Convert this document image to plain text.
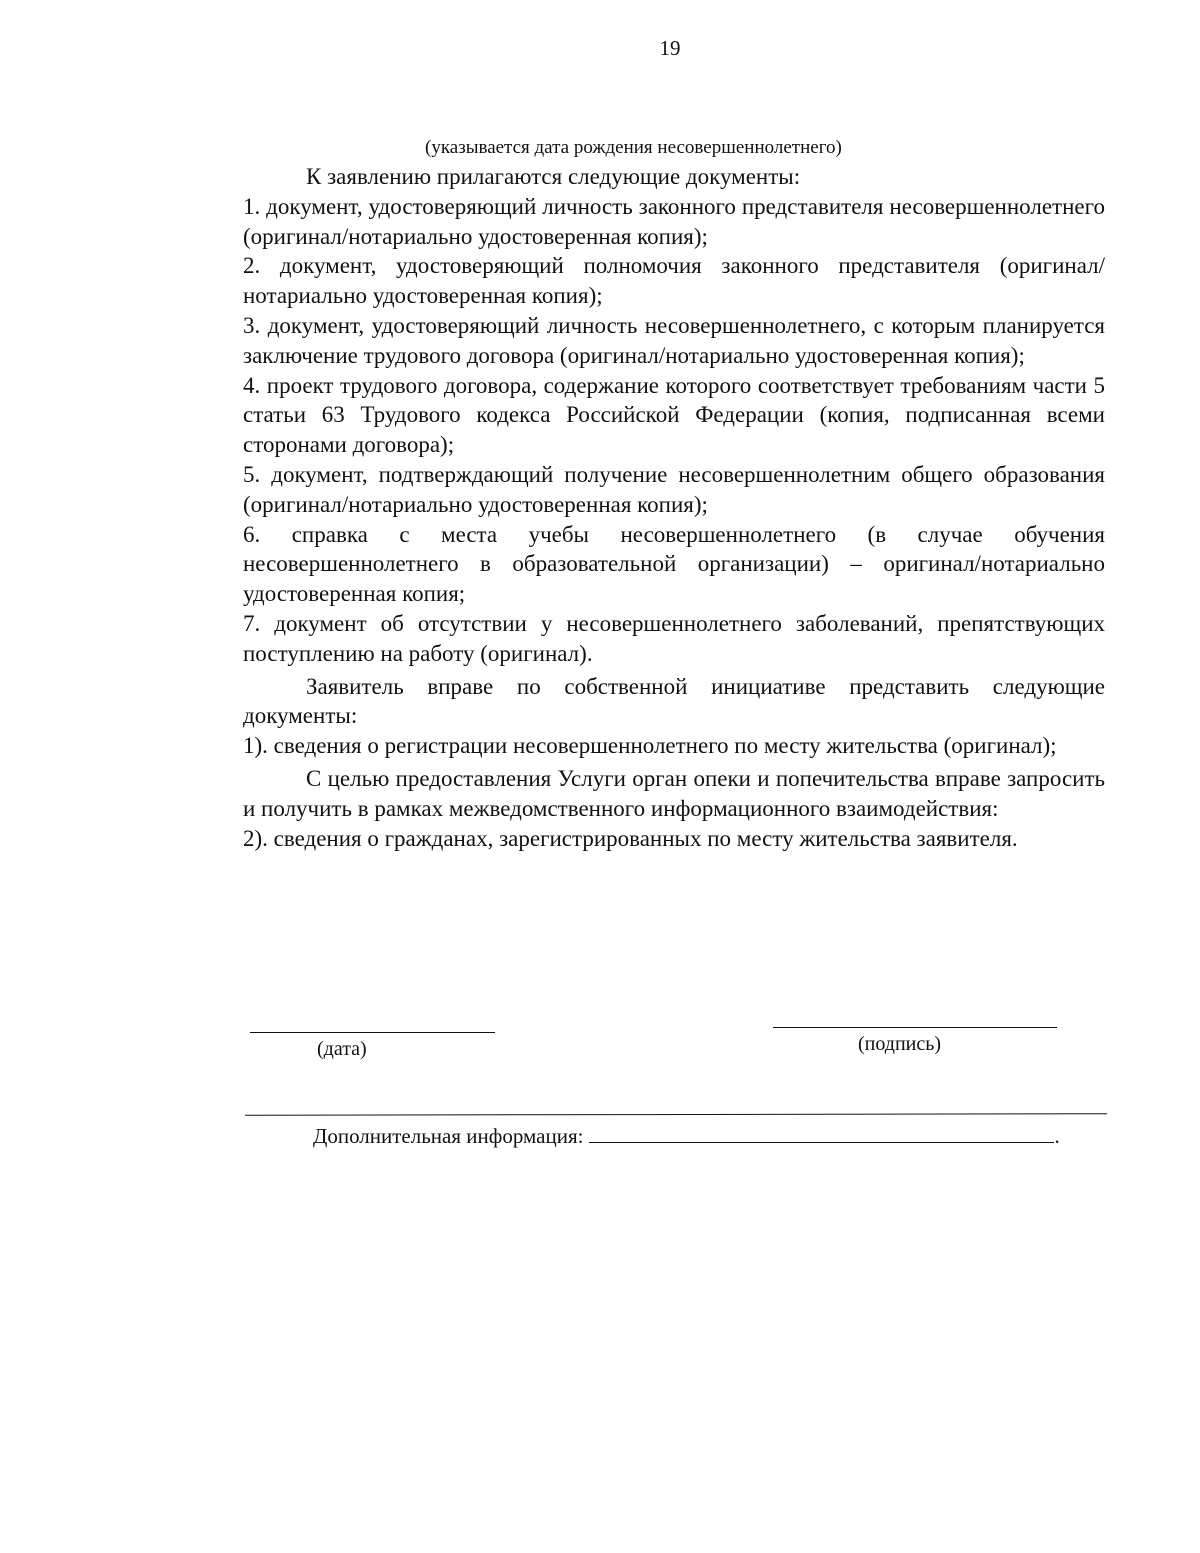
19
(указывается дата рождения несовершеннолетнего)

К заявлению прилагаются следующие документы:

1. документ, удостоверяющий личность законного представителя несовершеннолетнего (оригинал/нотариально удостоверенная копия);

2. документ, удостоверяющий полномочия законного представителя (оригинал/ нотариально удостоверенная копия);

3. документ, удостоверяющий личность несовершеннолетнего, с которым планируется заключение трудового договора (оригинал/нотариально удостоверенная копия);

4. проект трудового договора, содержание которого соответствует требованиям части 5 статьи 63 Трудового кодекса Российской Федерации (копия, подписанная всеми сторонами договора);

5. документ, подтверждающий получение несовершеннолетним общего образования (оригинал/нотариально удостоверенная копия);

6. справка с места учебы несовершеннолетнего (в случае обучения несовершеннолетнего в образовательной организации) – оригинал/нотариально удостоверенная копия;

7. документ об отсутствии у несовершеннолетнего заболеваний, препятствующих поступлению на работу (оригинал).

Заявитель вправе по собственной инициативе представить следующие документы:

1). сведения о регистрации несовершеннолетнего по месту жительства (оригинал);

С целью предоставления Услуги орган опеки и попечительства вправе запросить и получить в рамках межведомственного информационного взаимодействия:

2). сведения о гражданах, зарегистрированных по месту жительства заявителя.

(дата)	(подпись)
Дополнительная информация:	.
